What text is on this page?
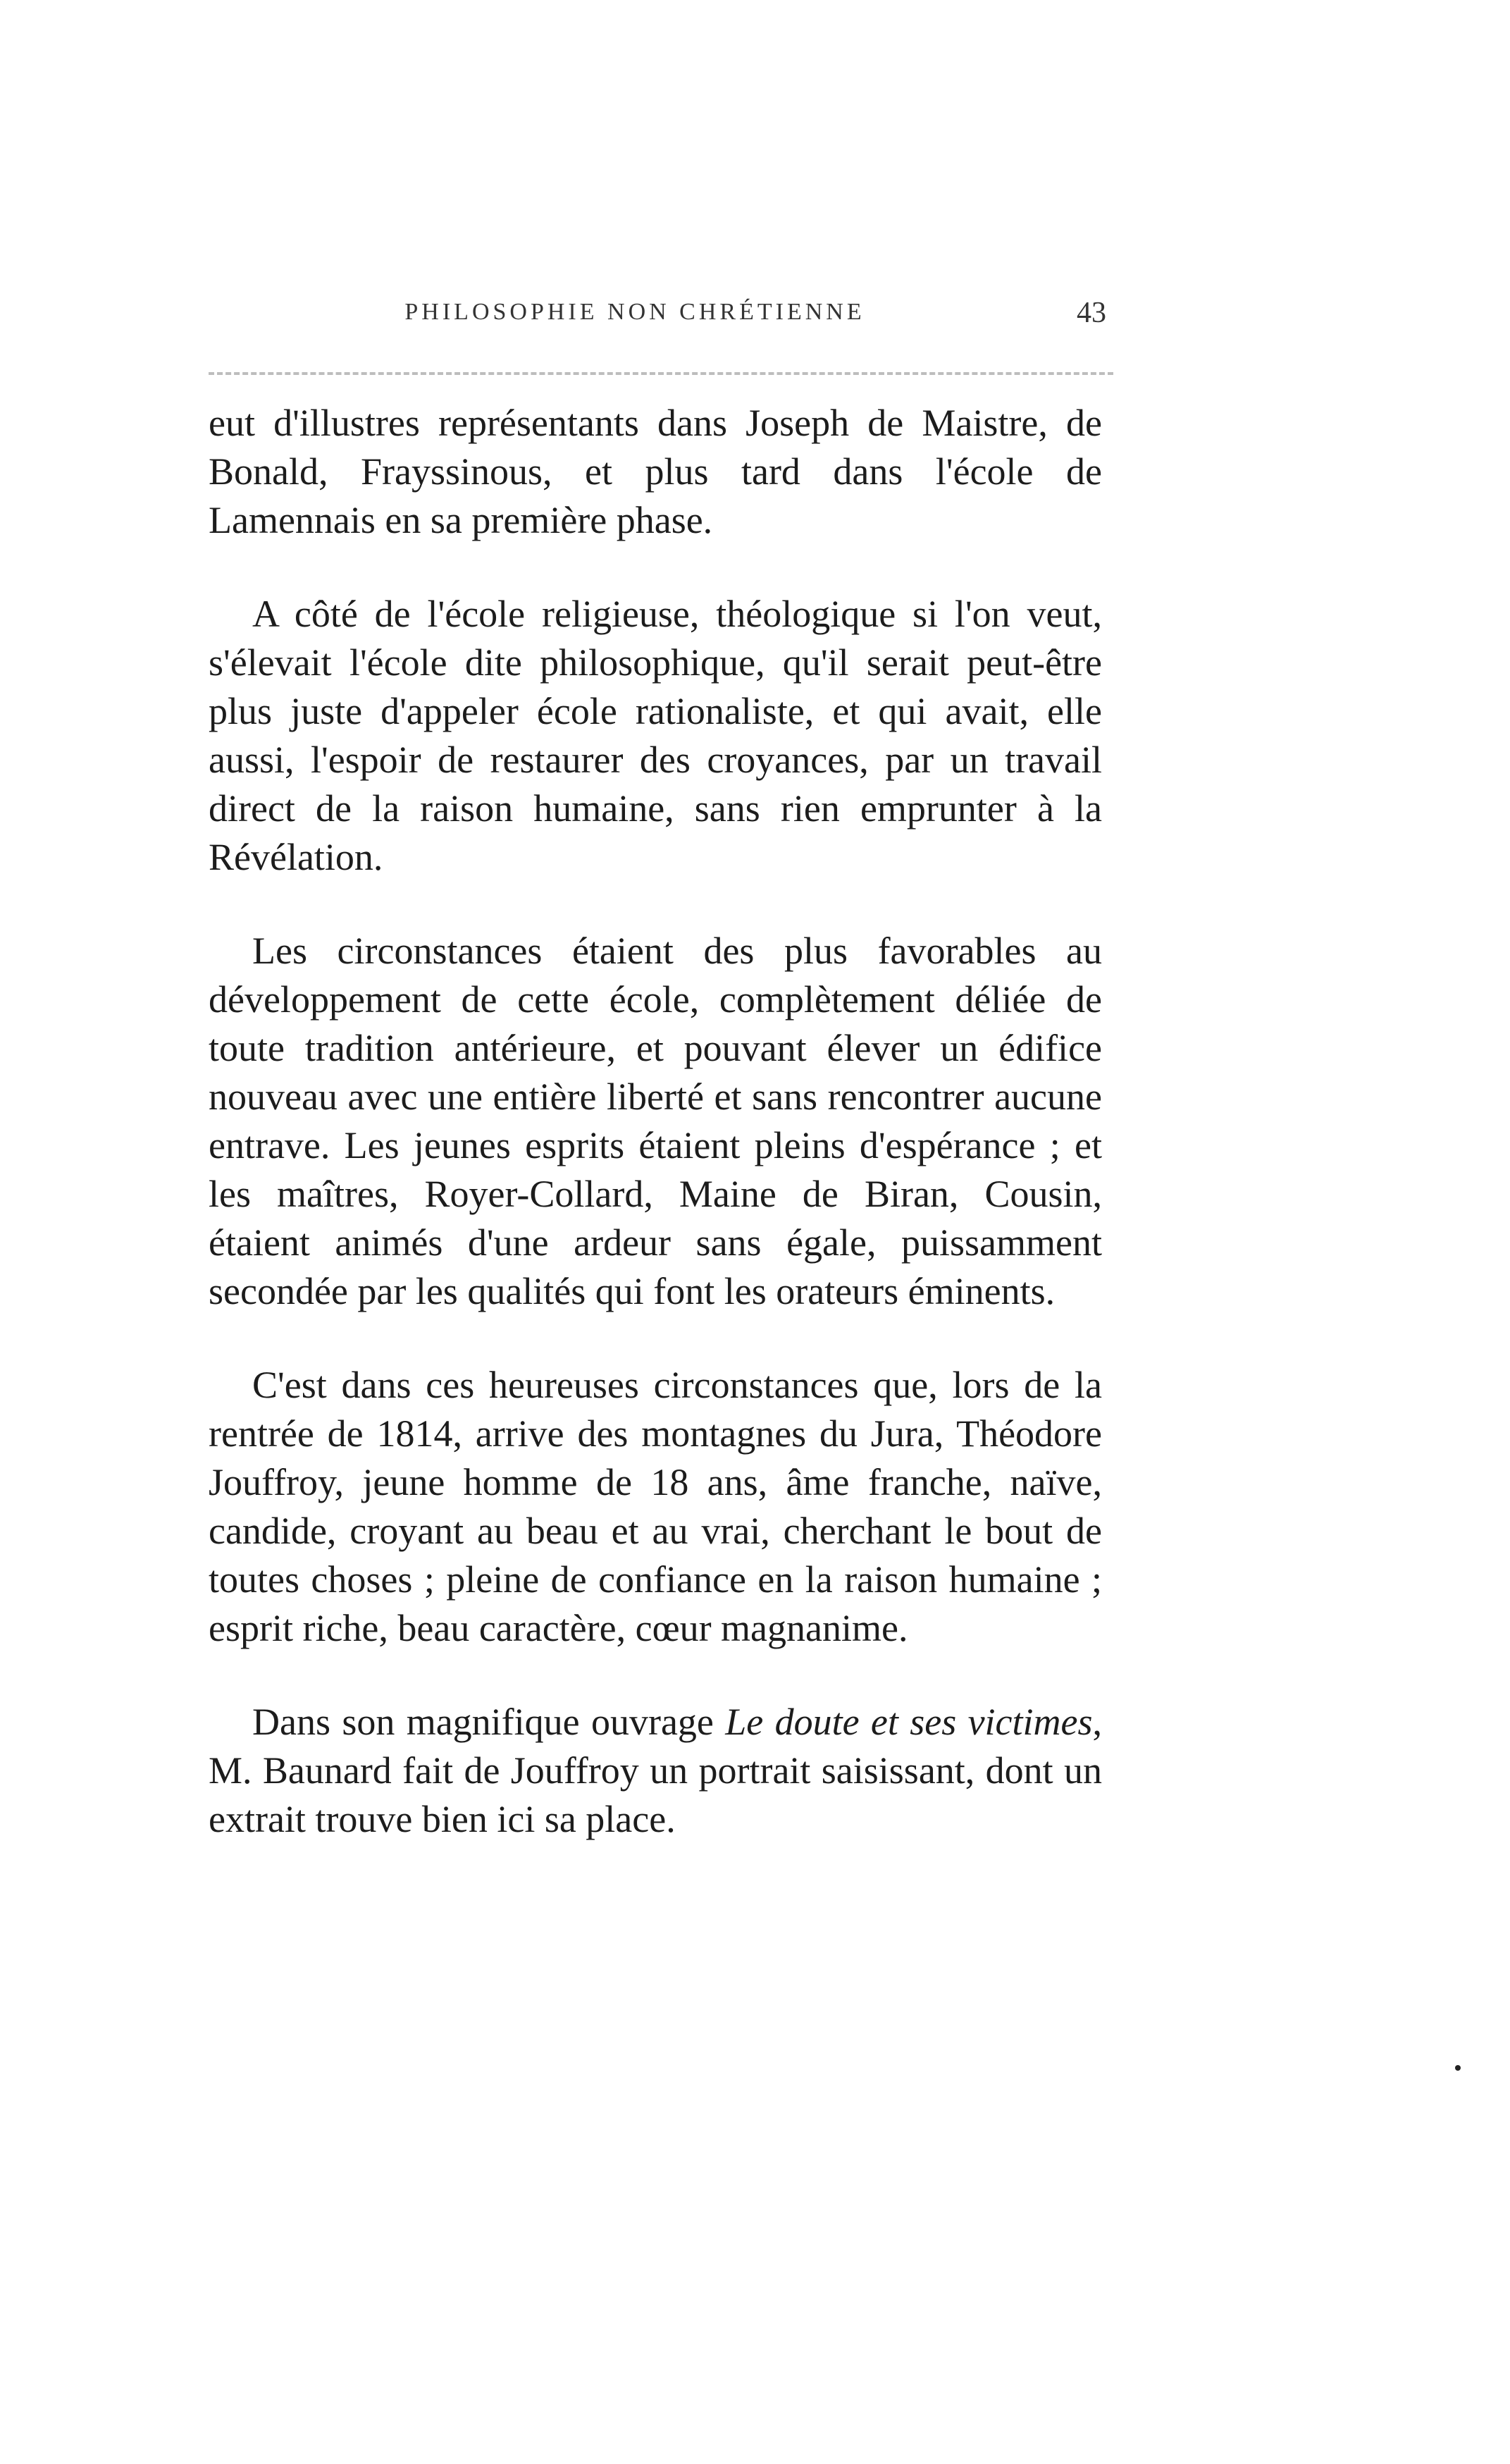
PHILOSOPHIE NON CHRÉTIENNE	43

eut d'illustres représentants dans Joseph de Maistre, de Bonald, Frayssinous, et plus tard dans l'école de Lamennais en sa première phase.

A côté de l'école religieuse, théologique si l'on veut, s'élevait l'école dite philosophique, qu'il serait peut-être plus juste d'appeler école rationaliste, et qui avait, elle aussi, l'espoir de restaurer des croyances, par un travail direct de la raison humaine, sans rien emprunter à la Révélation.

Les circonstances étaient des plus favorables au développement de cette école, complètement déliée de toute tradition antérieure, et pouvant élever un édifice nouveau avec une entière liberté et sans rencontrer aucune entrave. Les jeunes esprits étaient pleins d'espérance ; et les maîtres, Royer-Collard, Maine de Biran, Cousin, étaient animés d'une ardeur sans égale, puissamment secondée par les qualités qui font les orateurs éminents.

C'est dans ces heureuses circonstances que, lors de la rentrée de 1814, arrive des montagnes du Jura, Théodore Jouffroy, jeune homme de 18 ans, âme franche, naïve, candide, croyant au beau et au vrai, cherchant le bout de toutes choses ; pleine de confiance en la raison humaine ; esprit riche, beau caractère, cœur magnanime.

Dans son magnifique ouvrage Le doute et ses victimes, M. Baunard fait de Jouffroy un portrait saisissant, dont un extrait trouve bien ici sa place.
